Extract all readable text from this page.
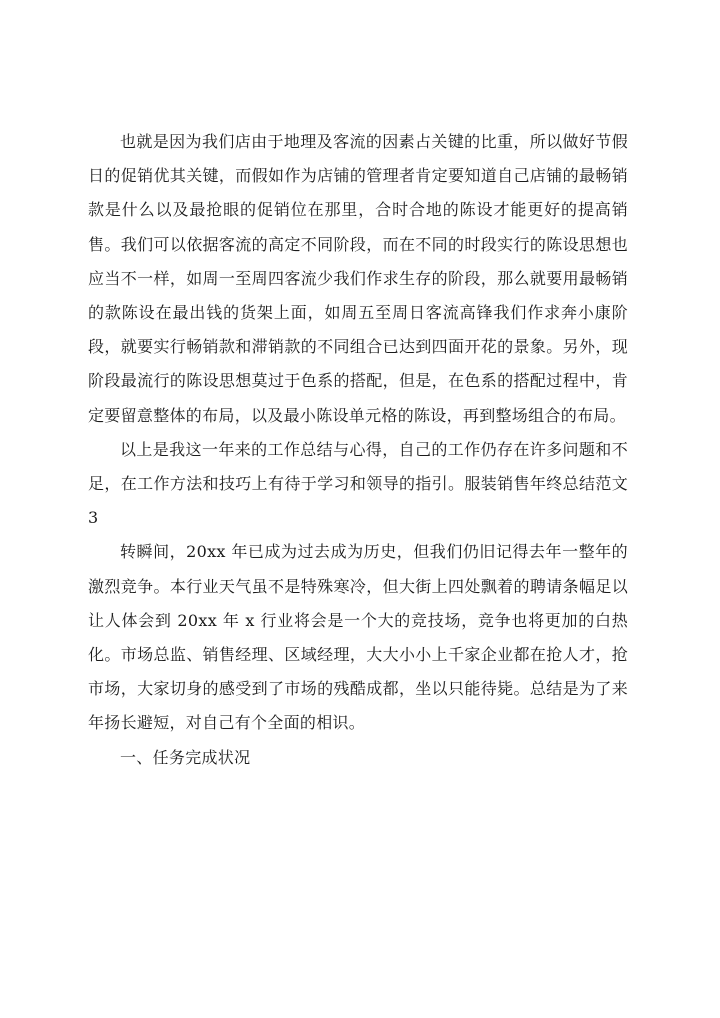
也就是因为我们店由于地理及客流的因素占关键的比重，所以做好节假日的促销优其关键，而假如作为店铺的管理者肯定要知道自己店铺的最畅销款是什么以及最抢眼的促销位在那里，合时合地的陈设才能更好的提高销售。我们可以依据客流的高定不同阶段，而在不同的时段实行的陈设思想也应当不一样，如周一至周四客流少我们作求生存的阶段，那么就要用最畅销的款陈设在最出钱的货架上面，如周五至周日客流高锋我们作求奔小康阶段，就要实行畅销款和滞销款的不同组合已达到四面开花的景象。另外，现阶段最流行的陈设思想莫过于色系的搭配，但是，在色系的搭配过程中，肯定要留意整体的布局，以及最小陈设单元格的陈设，再到整场组合的布局。

以上是我这一年来的工作总结与心得，自己的工作仍存在许多问题和不足，在工作方法和技巧上有待于学习和领导的指引。服装销售年终总结范文 3

转瞬间，20xx 年已成为过去成为历史，但我们仍旧记得去年一整年的激烈竞争。本行业天气虽不是特殊寒冷，但大街上四处飘着的聘请条幅足以让人体会到 20xx 年 x 行业将会是一个大的竞技场，竞争也将更加的白热化。市场总监、销售经理、区域经理，大大小小上千家企业都在抢人才，抢市场，大家切身的感受到了市场的残酷成都，坐以只能待毙。总结是为了来年扬长避短，对自己有个全面的相识。

一、任务完成状况
